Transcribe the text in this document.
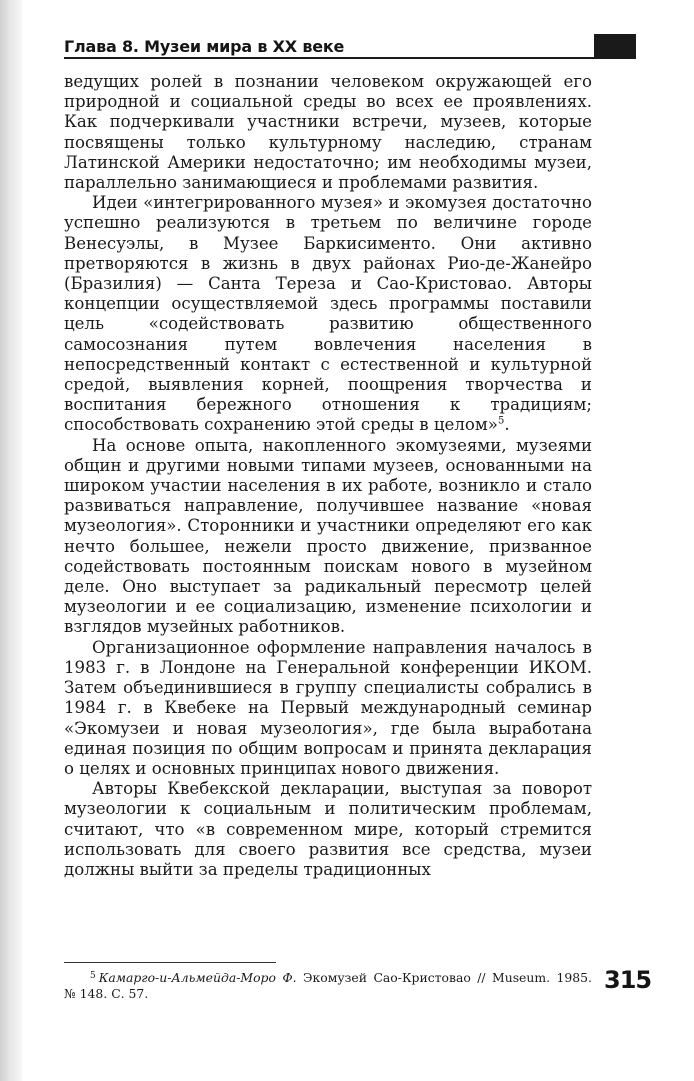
Глава 8. Музеи мира в XX веке

ведущих ролей в познании человеком окружающей его природной и социальной среды во всех ее проявлениях. Как подчеркивали участники встречи, музеев, которые посвящены только культурному наследию, странам Латинской Америки недостаточно; им необходимы музеи, параллельно занимающиеся и проблемами развития.

Идеи «интегрированного музея» и экомузея достаточно успешно реализуются в третьем по величине городе Венесуэлы, в Музее Баркисименто. Они активно претворяются в жизнь в двух районах Рио-де-Жанейро (Бразилия) — Санта Тереза и Сао-Кристовао. Авторы концепции осуществляемой здесь программы поставили цель «содействовать развитию общественного самосознания путем вовлечения населения в непосредственный контакт с естественной и культурной средой, выявления корней, поощрения творчества и воспитания бережного отношения к традициям; способствовать сохранению этой среды в целом»$^5$.

На основе опыта, накопленного экомузеями, музеями общин и другими новыми типами музеев, основанными на широком участии населения в их работе, возникло и стало развиваться направление, получившее название «новая музеология». Сторонники и участники определяют его как нечто большее, нежели просто движение, призванное содействовать постоянным поискам нового в музейном деле. Оно выступает за радикальный пересмотр целей музеологии и ее социализацию, изменение психологии и взглядов музейных работников.

Организационное оформление направления началось в 1983 г. в Лондоне на Генеральной конференции ИКОМ. Затем объединившиеся в группу специалисты собрались в 1984 г. в Квебеке на Первый международный семинар «Экомузеи и новая музеология», где была выработана единая позиция по общим вопросам и принята декларация о целях и основных принципах нового движения.

Авторы Квебекской декларации, выступая за поворот музеологии к социальным и политическим проблемам, считают, что «в современном мире, который стремится использовать для своего развития все средства, музеи должны выйти за пределы традиционных

$^5$ Камарго-и-Альмейда-Моро Ф. Экомузей Сао-Кристовао // Museum. 1985. № 148. С. 57.	315
